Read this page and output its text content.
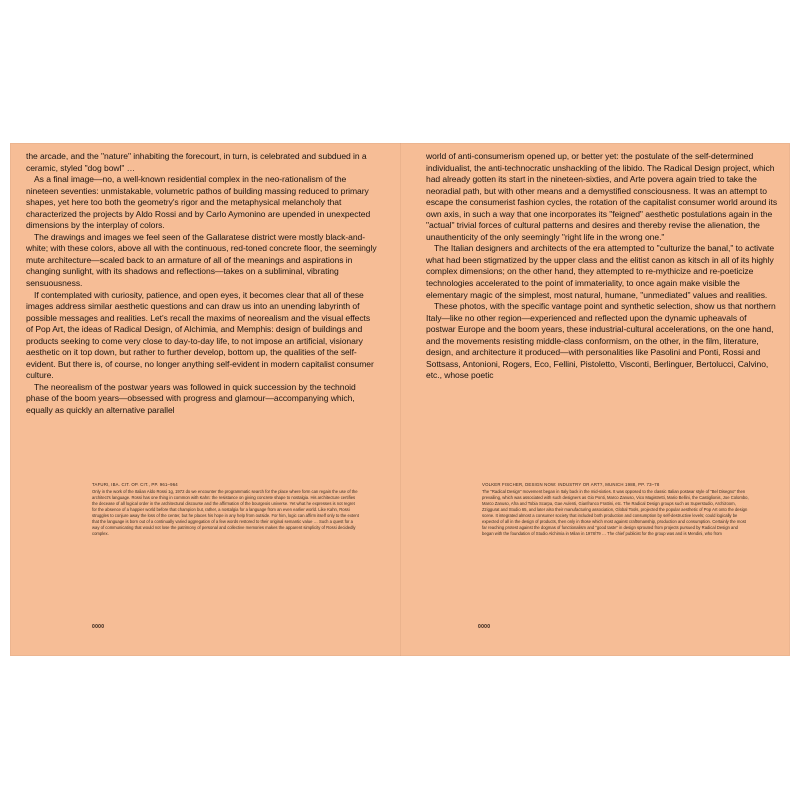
the arcade, and the "nature" inhabiting the forecourt, in turn, is celebrated and subdued in a ceramic, styled "dog bowl" …

As a final image—no, a well-known residential complex in the neo-rationalism of the nineteen seventies: unmistakable, volumetric pathos of building massing reduced to primary shapes, yet here too both the geometry's rigor and the metaphysical melancholy that characterized the projects by Aldo Rossi and by Carlo Aymonino are upended in unexpected dimensions by the interplay of colors.

The drawings and images we feel seen of the Gallaratese district were mostly black-and-white; with these colors, above all with the continuous, red-toned concrete floor, the seemingly mute architecture—scaled back to an armature of all of the meanings and aspirations in changing sunlight, with its shadows and reflections—takes on a subliminal, vibrating sensuousness.

If contemplated with curiosity, patience, and open eyes, it becomes clear that all of these images address similar aesthetic questions and can draw us into an unending labyrinth of possible messages and realities. Let's recall the maxims of neorealism and the visual effects of Pop Art, the ideas of Radical Design, of Alchimia, and Memphis: design of buildings and products seeking to come very close to day-to-day life, to not impose an artificial, visionary aesthetic on it top down, but rather to further develop, bottom up, the qualities of the self-evident. But there is, of course, no longer anything self-evident in modern capitalist consumer culture.

The neorealism of the postwar years was followed in quick succession by the technoid phase of the boom years—obsessed with progress and glamour—accompanying which, equally as quickly an alternative parallel

TAFURI, IBA. CIT. OP. CIT., PP. 961–964
Only in the work of the Italian Aldo Rossi 1g, 1972 do we encounter the programmatic search for the place where form can regain the use of the architect's language. Rossi has one thing in common with Kahn: the resistance on giving concrete shape to nostalgia. His architecture certifies the decease of all logical order in the architectural discourse and the affirmation of the bourgeois universe. Yet what he expresses is not regret for the absence of a happier world before that champion but, rather, a nostalgia for a language from an even earlier world. Like Kahn, Rossi struggles to conjure away the loss of the center, but he places his hope in any help from outside. For him, logic can affirm itself only to the extent that the language is born out of a continually varied aggregation of a few words restored to their original semantic value … Such a quest for a way of communicating that would not lose the patrimony of personal and collective memories makes the apparent simplicity of Rossi decidedly complex.
0000

world of anti-consumerism opened up, or better yet: the postulate of the self-determined individualist, the anti-technocratic unshackling of the libido. The Radical Design project, which had already gotten its start in the nineteen-sixties, and Arte povera again tried to take the neoradial path, but with other means and a demystified consciousness. It was an attempt to escape the consumerist fashion cycles, the rotation of the capitalist consumer world around its own axis, in such a way that one incorporates its "feigned" aesthetic postulations again in the "actual" trivial forces of cultural patterns and desires and thereby revise the alienation, the unauthenticity of the only seemingly "right life in the wrong one."

The Italian designers and architects of the era attempted to "culturize the banal," to activate what had been stigmatized by the upper class and the elitist canon as kitsch in all of its highly complex dimensions; on the other hand, they attempted to re-mythicize and re-poeticize technologies accelerated to the point of immateriality, to once again make visible the elementary magic of the simplest, most natural, humane, "unmediated" values and realities.

These photos, with the specific vantage point and synthetic selection, show us that northern Italy—like no other region—experienced and reflected upon the dynamic upheavals of postwar Europe and the boom years, these industrial-cultural accelerations, on the one hand, and the movements resisting middle-class conformism, on the other, in the film, literature, design, and architecture it produced—with personalities like Pasolini and Ponti, Rossi and Sottsass, Antonioni, Rogers, Eco, Fellini, Pistoletto, Visconti, Berlinguer, Bertolucci, Calvino, etc., whose poetic

VOLKER FISCHER, DESIGN NOW: INDUSTRY OR ART?, MUNICH 1988, PP. 73–78
The "Radical Design" movement began in Italy back in the mid-sixties. It was opposed to the classic Italian postwar style of "Bel Disegno" then prevailing, which was associated with such designers as Gio Ponti, Marco Zanuso, Vico Magistretti, Mario Bellini, the Castiglionis, Joe Colombo, Marco Zanuso, Afra and Tobia Scarpa, Gae Aulenti, Gianfranco Frattini, etc. The Radical Design groups such as Superstudio, Archizoom, Zziggurat and Studio 65, and later also their manufacturing association, Global Tools, projected the popular aesthetic of Pop Art onto the design scene. It integrated almost a consumer society that included both production and consumption by self-destructive levels; could logically be expected of all in the design of products, then only in those which most against craftsmanship, production and consumption. Certainly the most far reaching protest against the dogmas of functionalism and "good taste" in design sprouted from projects pursued by Radical Design and began with the foundation of Studio Alchimia in Milan in 1978/79 … The chief publicist for the group was and is Mendini, who from
0000
